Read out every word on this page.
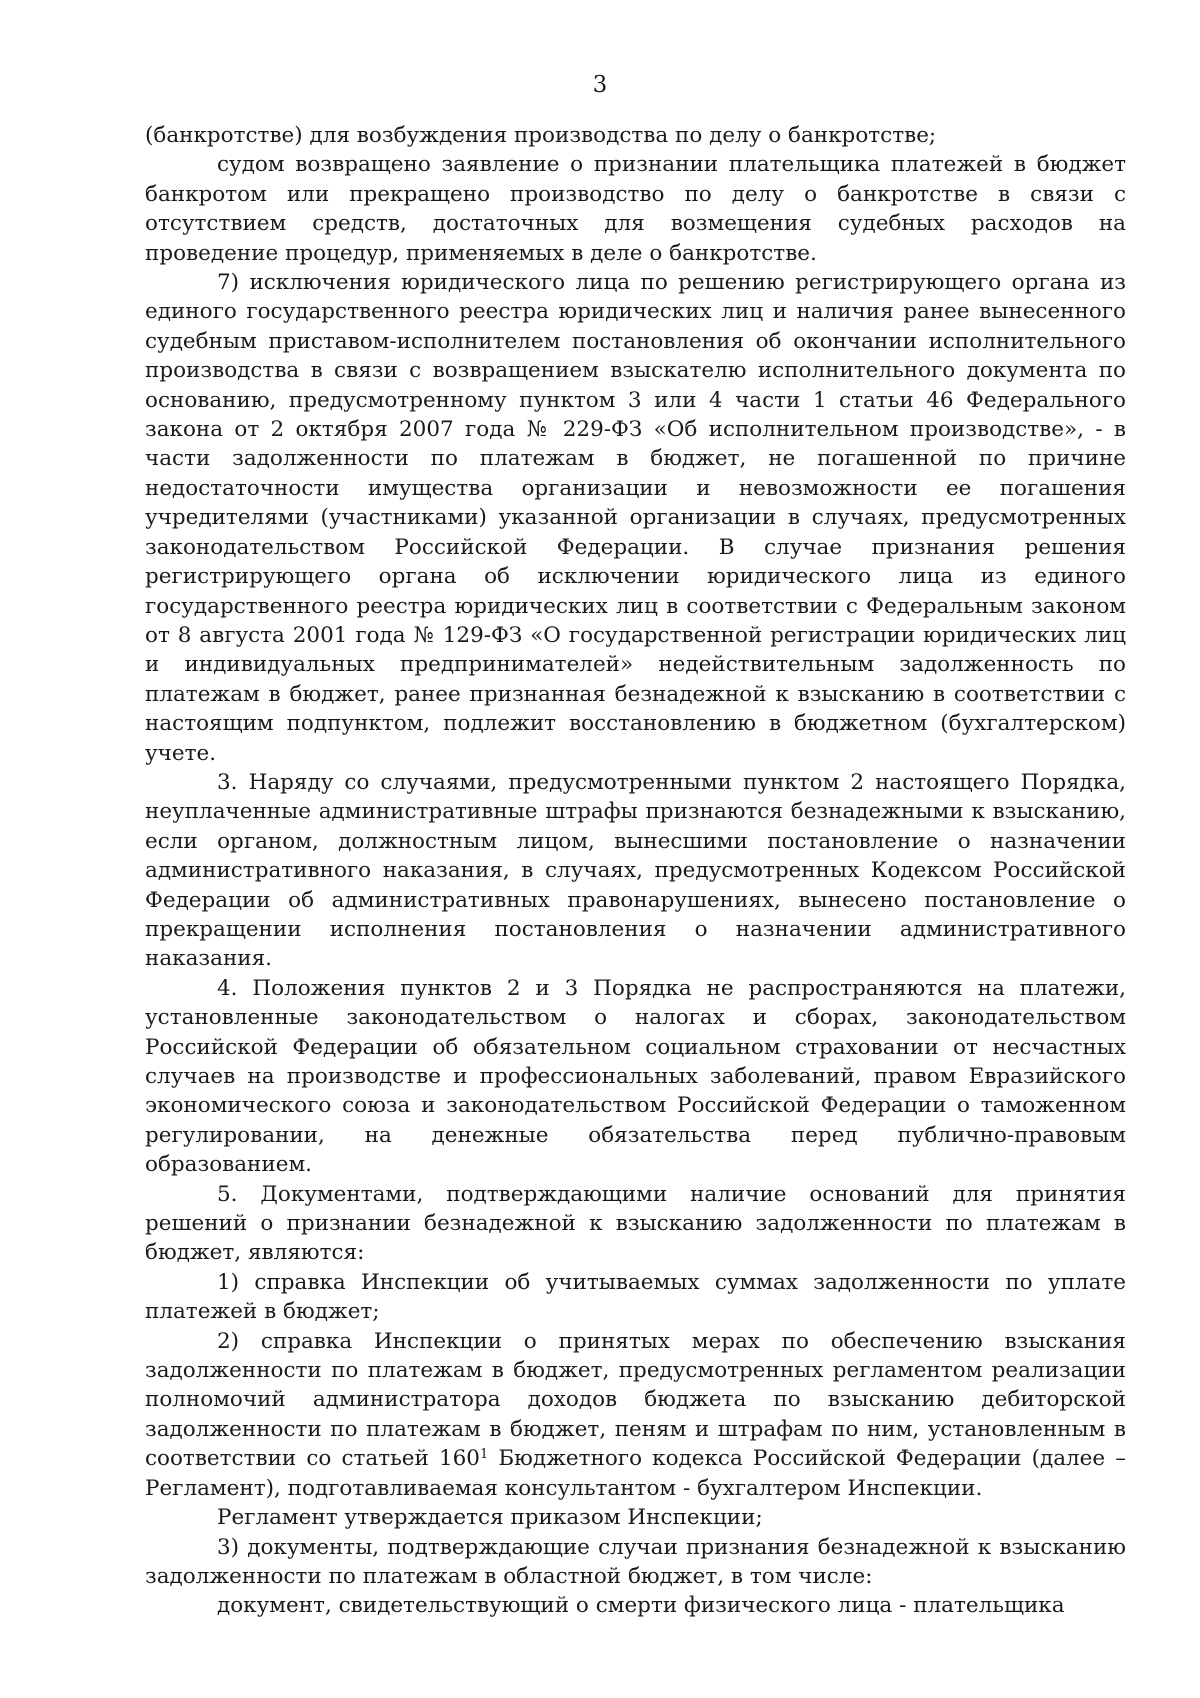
3

(банкротстве) для возбуждения производства по делу о банкротстве;

судом возвращено заявление о признании плательщика платежей в бюджет банкротом или прекращено производство по делу о банкротстве в связи с отсутствием средств, достаточных для возмещения судебных расходов на проведение процедур, применяемых в деле о банкротстве.

7) исключения юридического лица по решению регистрирующего органа из единого государственного реестра юридических лиц и наличия ранее вынесенного судебным приставом-исполнителем постановления об окончании исполнительного производства в связи с возвращением взыскателю исполнительного документа по основанию, предусмотренному пунктом 3 или 4 части 1 статьи 46 Федерального закона от 2 октября 2007 года № 229-ФЗ «Об исполнительном производстве», - в части задолженности по платежам в бюджет, не погашенной по причине недостаточности имущества организации и невозможности ее погашения учредителями (участниками) указанной организации в случаях, предусмотренных законодательством Российской Федерации. В случае признания решения регистрирующего органа об исключении юридического лица из единого государственного реестра юридических лиц в соответствии с Федеральным законом от 8 августа 2001 года № 129-ФЗ «О государственной регистрации юридических лиц и индивидуальных предпринимателей» недействительным задолженность по платежам в бюджет, ранее признанная безнадежной к взысканию в соответствии с настоящим подпунктом, подлежит восстановлению в бюджетном (бухгалтерском) учете.

3. Наряду со случаями, предусмотренными пунктом 2 настоящего Порядка, неуплаченные административные штрафы признаются безнадежными к взысканию, если органом, должностным лицом, вынесшими постановление о назначении административного наказания, в случаях, предусмотренных Кодексом Российской Федерации об административных правонарушениях, вынесено постановление о прекращении исполнения постановления о назначении административного наказания.

4. Положения пунктов 2 и 3 Порядка не распространяются на платежи, установленные законодательством о налогах и сборах, законодательством Российской Федерации об обязательном социальном страховании от несчастных случаев на производстве и профессиональных заболеваний, правом Евразийского экономического союза и законодательством Российской Федерации о таможенном регулировании, на денежные обязательства перед публично-правовым образованием.

5. Документами, подтверждающими наличие оснований для принятия решений о признании безнадежной к взысканию задолженности по платежам в бюджет, являются:

1) справка Инспекции об учитываемых суммах задолженности по уплате платежей в бюджет;

2) справка Инспекции о принятых мерах по обеспечению взыскания задолженности по платежам в бюджет, предусмотренных регламентом реализации полномочий администратора доходов бюджета по взысканию дебиторской задолженности по платежам в бюджет, пеням и штрафам по ним, установленным в соответствии со статьей $160^1$ Бюджетного кодекса Российской Федерации (далее – Регламент), подготавливаемая консультантом - бухгалтером Инспекции.

Регламент утверждается приказом Инспекции;

3) документы, подтверждающие случаи признания безнадежной к взысканию задолженности по платежам в областной бюджет, в том числе:

документ, свидетельствующий о смерти физического лица - плательщика
